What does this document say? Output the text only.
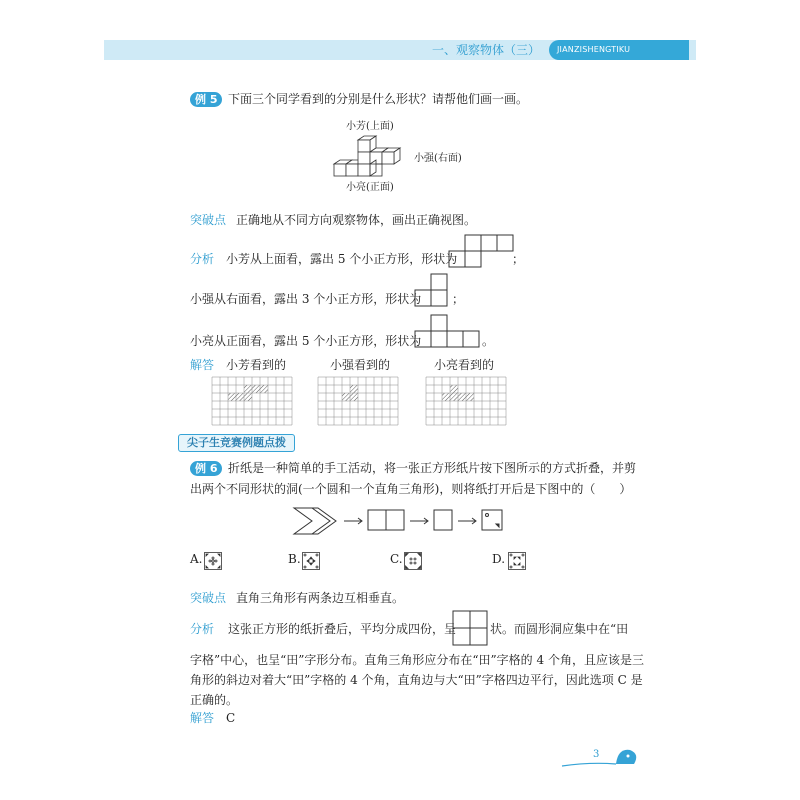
一、观察物体（三）	JIANZISHENGTIKU
例 5 下面三个同学看到的分别是什么形状？请帮他们画一画。
小芳(上面)
小强(右面)
小亮(正面)
突破点 正确地从不同方向观察物体，画出正确视图。
分析 小芳从上面看，露出 5 个小正方形，形状为	；
小强从右面看，露出 3 个小正方形，形状为	；
小亮从正面看，露出 5 个小正方形，形状为	。
解答 小芳看到的	小强看到的	小亮看到的
尖子生竞赛例题点拨
例 6 折纸是一种简单的手工活动，将一张正方形纸片按下图所示的方式折叠，并剪
出两个不同形状的洞(一个圆和一个直角三角形)，则将纸打开后是下图中的（　　）
A.	B.	C.	D.
突破点 直角三角形有两条边互相垂直。
分析 这张正方形的纸折叠后，平均分成四份，呈	状。而圆形洞应集中在“田
字格”中心，也呈“田”字形分布。直角三角形应分布在“田”字格的 4 个角，且应该是三
角形的斜边对着大“田”字格的 4 个角，直角边与大“田”字格四边平行，因此选项 C 是
正确的。
解答 C
3
